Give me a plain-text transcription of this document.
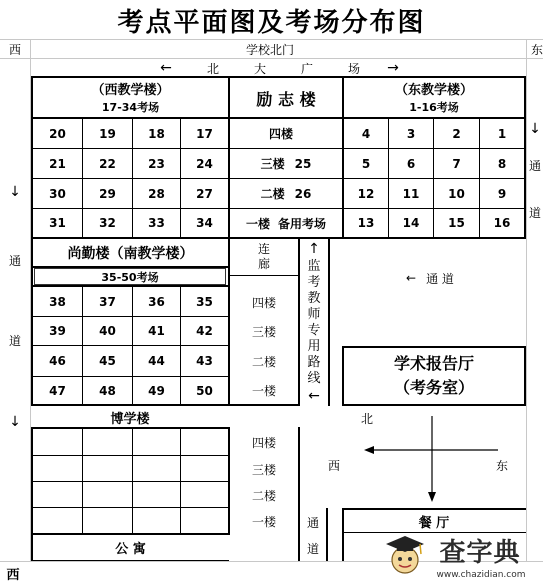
考点平面图及考场分布图
西	学校北门	东
←	北	大	广	场 →
（西教学楼）
17-34考场
20	19	18	17
21	22	23	24
30	29	28	27
31	32	33	34
励 志 楼
四楼
三楼 25
二楼 26
一楼 备用考场
（东教学楼）
1-16考场
4	3	2	1
5	6	7	8
12	11	10	9
13	14	15	16
↓
通
道
↓
↓
通
道
尚勤楼（南教学楼）
35-50考场
38	37	36	35
39	40	41	42
46	45	44	43
47	48	49	50
连廊
四楼
三楼
二楼
一楼
↑
监考教师专用路线
←
← 通 道
学术报告厅
（考务室）
北
西	东
博学楼
四楼
三楼
二楼
一楼	通
道
餐 厅
公 寓
西
查字典
www.chazidian.com
